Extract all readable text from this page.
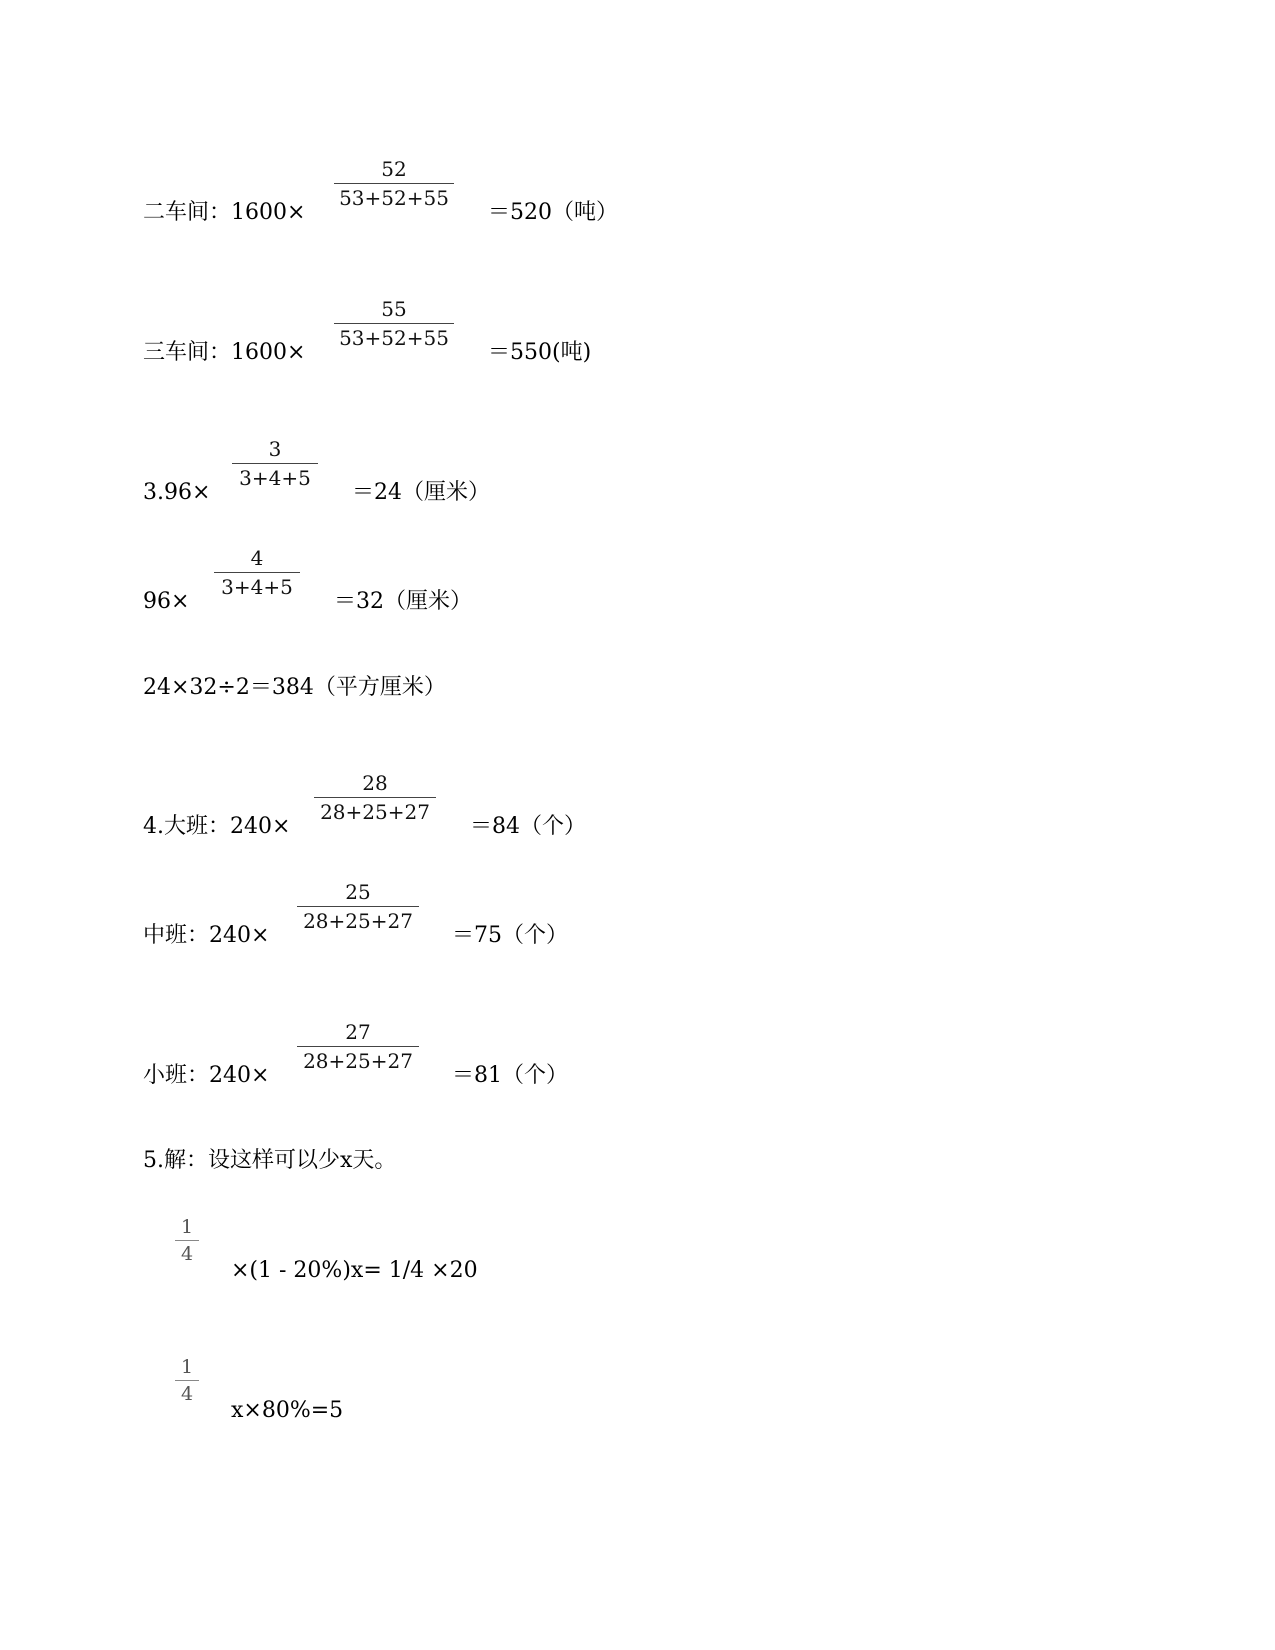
二车间：1600×
52
53+52+55
＝520（吨）
三车间：1600×
55
53+52+55
＝550(吨)
3.96×
3
3+4+5
＝24（厘米）
96×
4
3+4+5
＝32（厘米）
24×32÷2＝384（平方厘米）
4.大班：240×
28
28+25+27
＝84（个）
中班：240×
25
28+25+27
＝75（个）
小班：240×
27
28+25+27
＝81（个）
5.解：设这样可以少x天。
1
4
×(1 - 20%)x= 1/4 ×20
1
4
x×80%=5
